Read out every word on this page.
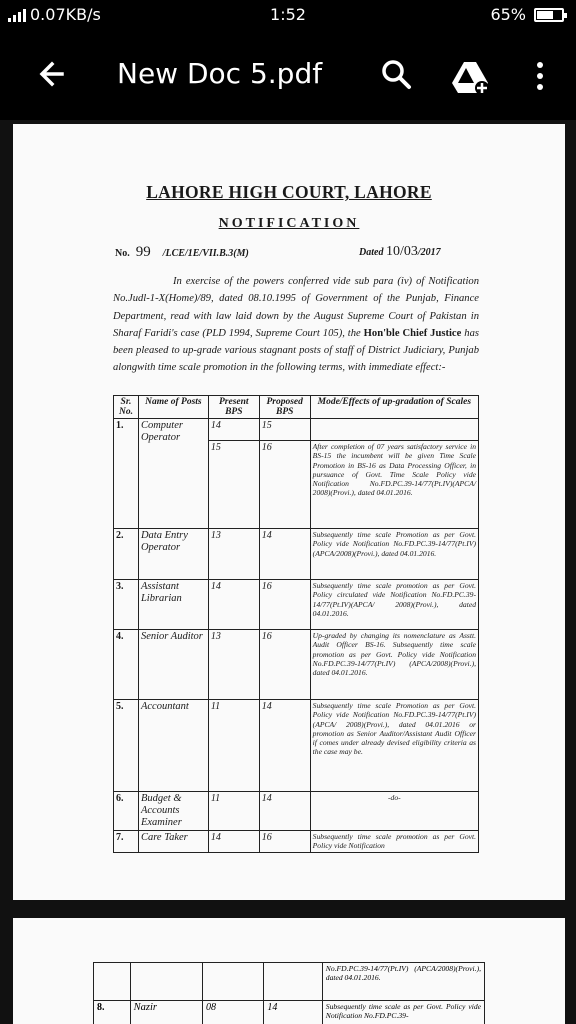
0.07KB/s	1:52	65%
New Doc 5.pdf
LAHORE HIGH COURT, LAHORE
NOTIFICATION
No. 99 /LCE/1E/VII.B.3(M)	Dated 10/03/2017
In exercise of the powers conferred vide sub para (iv) of Notification No.Judl-1-X(Home)/89, dated 08.10.1995 of Government of the Punjab, Finance Department, read with law laid down by the August Supreme Court of Pakistan in Sharaf Faridi's case (PLD 1994, Supreme Court 105), the Hon'ble Chief Justice has been pleased to up-grade various stagnant posts of staff of District Judiciary, Punjab alongwith time scale promotion in the following terms, with immediate effect:-
Sr. No.	Name of Posts	Present BPS	Proposed BPS	Mode/Effects of up-gradation of Scales
1.	Computer Operator	14	15	
		15	16	After completion of 07 years satisfactory service in BS-15 the incumbent will be given Time Scale Promotion in BS-16 as Data Processing Officer, in pursuance of Govt. Time Scale Policy vide Notification No.FD.PC.39-14/77(Pt.IV)(APCA/ 2008)(Provi.), dated 04.01.2016.
2.	Data Entry Operator	13	14	Subsequently time scale Promotion as per Govt. Policy vide Notification No.FD.PC.39-14/77(Pt.IV) (APCA/2008)(Provi.), dated 04.01.2016.
3.	Assistant Librarian	14	16	Subsequently time scale promotion as per Govt. Policy circulated vide Notification No.FD.PC.39-14/77(Pt.IV)(APCA/ 2008)(Provi.), dated 04.01.2016.
4.	Senior Auditor	13	16	Up-graded by changing its nomenclature as Asstt. Audit Officer BS-16. Subsequently time scale promotion as per Govt. Policy vide Notification No.FD.PC.39-14/77(Pt.IV) (APCA/2008)(Provi.), dated 04.01.2016.
5.	Accountant	11	14	Subsequently time scale Promotion as per Govt. Policy vide Notification No.FD.PC.39-14/77(Pt.IV) (APCA/ 2008)(Provi.), dated 04.01.2016 or promotion as Senior Auditor/Assistant Audit Officer if comes under already devised eligibility criteria as the case may be.
6.	Budget & Accounts Examiner	11	14	-do-
7.	Care Taker	14	16	Subsequently time scale promotion as per Govt. Policy vide Notification
				No.FD.PC.39-14/77(Pt.IV) (APCA/2008)(Provi.), dated 04.01.2016.
8.	Nazir	08	14	Subsequently time scale as per Govt. Policy vide Notification No.FD.PC.39-
